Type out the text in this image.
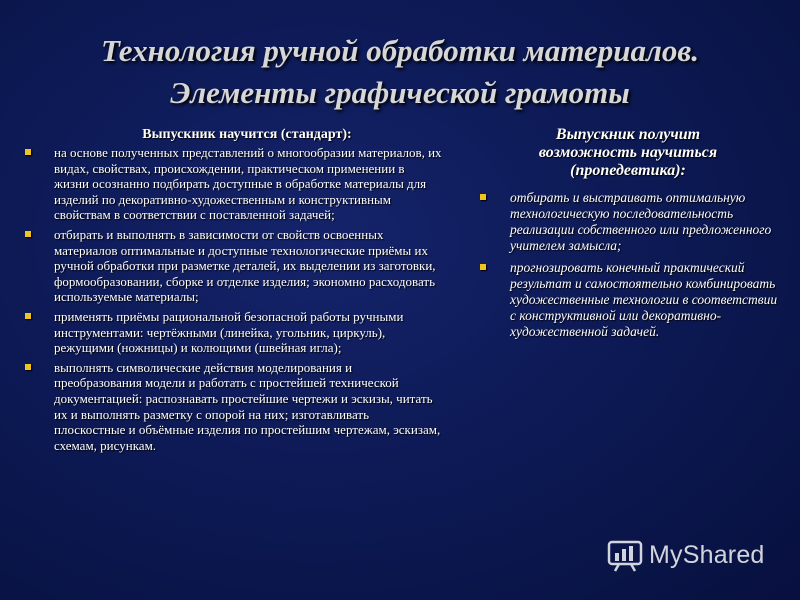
Технология ручной обработки материалов.
Элементы графической грамоты
Выпускник научится (стандарт):
на основе полученных представлений о многообразии материалов, их видах, свойствах, происхождении, практическом применении в жизни осознанно подбирать доступные в обработке материалы для изделий по декоративно-художественным и конструктивным свойствам в соответствии с поставленной задачей;
отбирать и выполнять в зависимости от свойств освоенных материалов оптимальные и доступные технологические приёмы их ручной обработки при разметке деталей, их выделении из заготовки, формообразовании, сборке и отделке изделия; экономно расходовать используемые материалы;
применять приёмы рациональной безопасной работы ручными инструментами: чертёжными (линейка, угольник, циркуль), режущими (ножницы) и колющими (швейная игла);
выполнять символические действия моделирования и преобразования модели и работать с простейшей технической документацией: распознавать простейшие чертежи и эскизы, читать их и выполнять разметку с опорой на них; изготавливать плоскостные и объёмные изделия по простейшим чертежам, эскизам, схемам, рисункам.
Выпускник получит
возможность научиться
(пропедевтика):
отбирать и выстраивать оптимальную технологическую последовательность реализации собственного или предложенного учителем замысла;
прогнозировать конечный практический результат и самостоятельно комбинировать художественные технологии в соответствии с конструктивной или декоративно-художественной задачей.
MyShared
